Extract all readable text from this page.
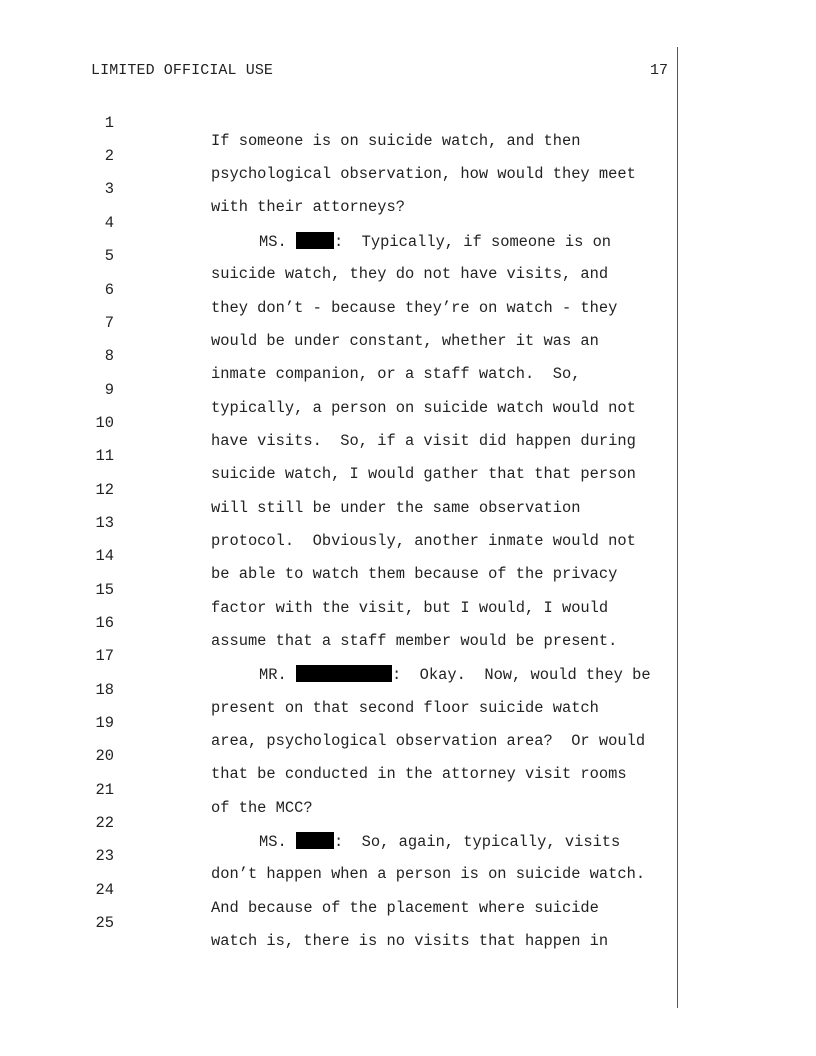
LIMITED OFFICIAL USE	17

1

If someone is on suicide watch, and then

2

psychological observation, how would they meet

3

with their attorneys?

4

MS.	:  Typically, if someone is on

5

suicide watch, they do not have visits, and

6

they don’t - because they’re on watch - they

7

would be under constant, whether it was an

8

inmate companion, or a staff watch.  So,

9

typically, a person on suicide watch would not

10

have visits.  So, if a visit did happen during

11

suicide watch, I would gather that that person

12

will still be under the same observation

13

protocol.  Obviously, another inmate would not

14

be able to watch them because of the privacy

15

factor with the visit, but I would, I would

16

assume that a staff member would be present.

17

MR.	:  Okay.  Now, would they be

18

present on that second floor suicide watch

19

area, psychological observation area?  Or would

20

that be conducted in the attorney visit rooms

21

of the MCC?

22

MS.	:  So, again, typically, visits

23

don’t happen when a person is on suicide watch.

24

And because of the placement where suicide

25

watch is, there is no visits that happen in
